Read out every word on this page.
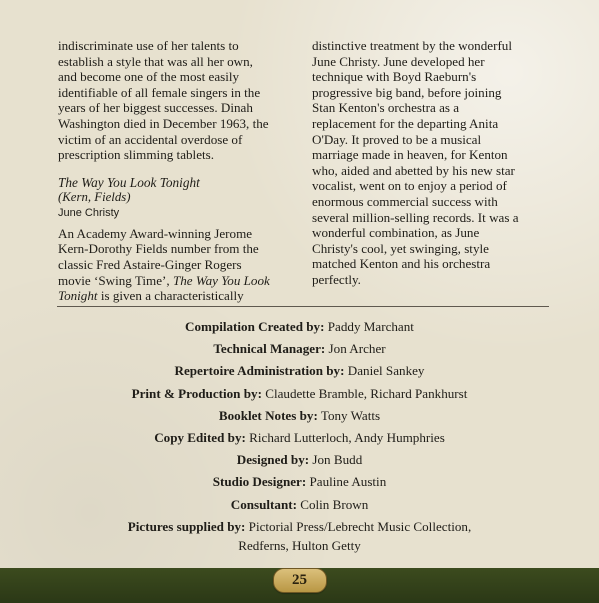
indiscriminate use of her talents to
establish a style that was all her own,
and become one of the most easily
identifiable of all female singers in the
years of her biggest successes. Dinah
Washington died in December 1963, the
victim of an accidental overdose of
prescription slimming tablets.
The Way You Look Tonight
(Kern, Fields)
June Christy
An Academy Award-winning Jerome
Kern-Dorothy Fields number from the
classic Fred Astaire-Ginger Rogers
movie ‘Swing Time’, The Way You Look
Tonight is given a characteristically
distinctive treatment by the wonderful
June Christy. June developed her
technique with Boyd Raeburn's
progressive big band, before joining
Stan Kenton's orchestra as a
replacement for the departing Anita
O'Day. It proved to be a musical
marriage made in heaven, for Kenton
who, aided and abetted by his new star
vocalist, went on to enjoy a period of
enormous commercial success with
several million-selling records. It was a
wonderful combination, as June
Christy's cool, yet swinging, style
matched Kenton and his orchestra
perfectly.
Compilation Created by: Paddy Marchant
Technical Manager: Jon Archer
Repertoire Administration by: Daniel Sankey
Print & Production by: Claudette Bramble, Richard Pankhurst
Booklet Notes by: Tony Watts
Copy Edited by: Richard Lutterloch, Andy Humphries
Designed by: Jon Budd
Studio Designer: Pauline Austin
Consultant: Colin Brown
Pictures supplied by: Pictorial Press/Lebrecht Music Collection,
Redferns, Hulton Getty
25
